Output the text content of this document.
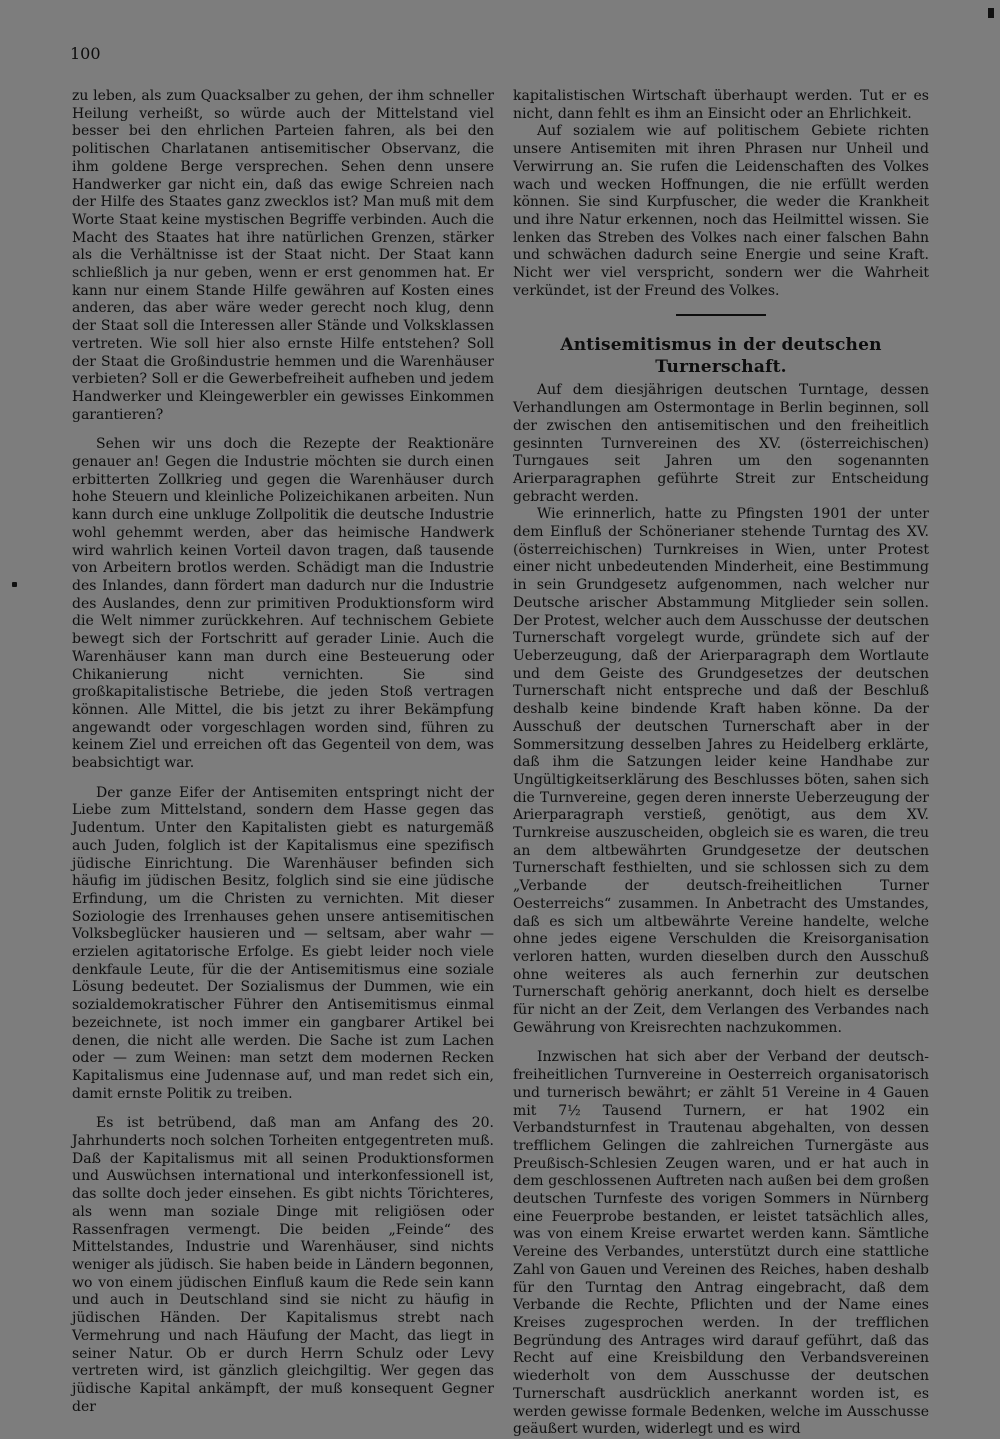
100

zu leben, als zum Quacksalber zu gehen, der ihm schneller Heilung verheißt, so würde auch der Mittelstand viel besser bei den ehrlichen Parteien fahren, als bei den politischen Charlatanen antisemitischer Observanz, die ihm goldene Berge versprechen. Sehen denn unsere Handwerker gar nicht ein, daß das ewige Schreien nach der Hilfe des Staates ganz zwecklos ist? Man muß mit dem Worte Staat keine mystischen Begriffe verbinden. Auch die Macht des Staates hat ihre natürlichen Grenzen, stärker als die Verhältnisse ist der Staat nicht. Der Staat kann schließlich ja nur geben, wenn er erst genommen hat. Er kann nur einem Stande Hilfe gewähren auf Kosten eines anderen, das aber wäre weder gerecht noch klug, denn der Staat soll die Interessen aller Stände und Volksklassen vertreten. Wie soll hier also ernste Hilfe entstehen? Soll der Staat die Großindustrie hemmen und die Warenhäuser verbieten? Soll er die Gewerbefreiheit aufheben und jedem Handwerker und Kleingewerbler ein gewisses Einkommen garantieren?

Sehen wir uns doch die Rezepte der Reaktionäre genauer an! Gegen die Industrie möchten sie durch einen erbitterten Zollkrieg und gegen die Warenhäuser durch hohe Steuern und kleinliche Polizeichikanen arbeiten. Nun kann durch eine unkluge Zollpolitik die deutsche Industrie wohl gehemmt werden, aber das heimische Handwerk wird wahrlich keinen Vorteil davon tragen, daß tausende von Arbeitern brotlos werden. Schädigt man die Industrie des Inlandes, dann fördert man dadurch nur die Industrie des Auslandes, denn zur primitiven Produktionsform wird die Welt nimmer zurückkehren. Auf technischem Gebiete bewegt sich der Fortschritt auf gerader Linie. Auch die Warenhäuser kann man durch eine Besteuerung oder Chikanierung nicht vernichten. Sie sind großkapitalistische Betriebe, die jeden Stoß vertragen können. Alle Mittel, die bis jetzt zu ihrer Bekämpfung angewandt oder vorgeschlagen worden sind, führen zu keinem Ziel und erreichen oft das Gegenteil von dem, was beabsichtigt war.

Der ganze Eifer der Antisemiten entspringt nicht der Liebe zum Mittelstand, sondern dem Hasse gegen das Judentum. Unter den Kapitalisten giebt es naturgemäß auch Juden, folglich ist der Kapitalismus eine spezifisch jüdische Einrichtung. Die Warenhäuser befinden sich häufig im jüdischen Besitz, folglich sind sie eine jüdische Erfindung, um die Christen zu vernichten. Mit dieser Soziologie des Irrenhauses gehen unsere antisemitischen Volksbeglücker hausieren und — seltsam, aber wahr — erzielen agitatorische Erfolge. Es giebt leider noch viele denkfaule Leute, für die der Antisemitismus eine soziale Lösung bedeutet. Der Sozialismus der Dummen, wie ein sozialdemokratischer Führer den Antisemitismus einmal bezeichnete, ist noch immer ein gangbarer Artikel bei denen, die nicht alle werden. Die Sache ist zum Lachen oder — zum Weinen: man setzt dem modernen Recken Kapitalismus eine Judennase auf, und man redet sich ein, damit ernste Politik zu treiben.

Es ist betrübend, daß man am Anfang des 20. Jahrhunderts noch solchen Torheiten entgegentreten muß. Daß der Kapitalismus mit all seinen Produktionsformen und Auswüchsen international und interkonfessionell ist, das sollte doch jeder einsehen. Es gibt nichts Törichteres, als wenn man soziale Dinge mit religiösen oder Rassenfragen vermengt. Die beiden „Feinde“ des Mittelstandes, Industrie und Warenhäuser, sind nichts weniger als jüdisch. Sie haben beide in Ländern begonnen, wo von einem jüdischen Einfluß kaum die Rede sein kann und auch in Deutschland sind sie nicht zu häufig in jüdischen Händen. Der Kapitalismus strebt nach Vermehrung und nach Häufung der Macht, das liegt in seiner Natur. Ob er durch Herrn Schulz oder Levy vertreten wird, ist gänzlich gleichgiltig. Wer gegen das jüdische Kapital ankämpft, der muß konsequent Gegner der

kapitalistischen Wirtschaft überhaupt werden. Tut er es nicht, dann fehlt es ihm an Einsicht oder an Ehrlichkeit.

Auf sozialem wie auf politischem Gebiete richten unsere Antisemiten mit ihren Phrasen nur Unheil und Verwirrung an. Sie rufen die Leidenschaften des Volkes wach und wecken Hoffnungen, die nie erfüllt werden können. Sie sind Kurpfuscher, die weder die Krankheit und ihre Natur erkennen, noch das Heilmittel wissen. Sie lenken das Streben des Volkes nach einer falschen Bahn und schwächen dadurch seine Energie und seine Kraft. Nicht wer viel verspricht, sondern wer die Wahrheit verkündet, ist der Freund des Volkes.

Antisemitismus in der deutschen Turnerschaft.

Auf dem diesjährigen deutschen Turntage, dessen Verhandlungen am Ostermontage in Berlin beginnen, soll der zwischen den antisemitischen und den freiheitlich gesinnten Turnvereinen des XV. (österreichischen) Turngaues seit Jahren um den sogenannten Arierparagraphen geführte Streit zur Entscheidung gebracht werden.

Wie erinnerlich, hatte zu Pfingsten 1901 der unter dem Einfluß der Schönerianer stehende Turntag des XV. (österreichischen) Turnkreises in Wien, unter Protest einer nicht unbedeutenden Minderheit, eine Bestimmung in sein Grundgesetz aufgenommen, nach welcher nur Deutsche arischer Abstammung Mitglieder sein sollen. Der Protest, welcher auch dem Ausschusse der deutschen Turnerschaft vorgelegt wurde, gründete sich auf der Ueberzeugung, daß der Arierparagraph dem Wortlaute und dem Geiste des Grundgesetzes der deutschen Turnerschaft nicht entspreche und daß der Beschluß deshalb keine bindende Kraft haben könne. Da der Ausschuß der deutschen Turnerschaft aber in der Sommersitzung desselben Jahres zu Heidelberg erklärte, daß ihm die Satzungen leider keine Handhabe zur Ungültigkeitserklärung des Beschlusses böten, sahen sich die Turnvereine, gegen deren innerste Ueberzeugung der Arierparagraph verstieß, genötigt, aus dem XV. Turnkreise auszuscheiden, obgleich sie es waren, die treu an dem altbewährten Grundgesetze der deutschen Turnerschaft festhielten, und sie schlossen sich zu dem „Verbande der deutsch-freiheitlichen Turner Oesterreichs“ zusammen. In Anbetracht des Umstandes, daß es sich um altbewährte Vereine handelte, welche ohne jedes eigene Verschulden die Kreisorganisation verloren hatten, wurden dieselben durch den Ausschuß ohne weiteres als auch fernerhin zur deutschen Turnerschaft gehörig anerkannt, doch hielt es derselbe für nicht an der Zeit, dem Verlangen des Verbandes nach Gewährung von Kreisrechten nachzukommen.

Inzwischen hat sich aber der Verband der deutsch-freiheitlichen Turnvereine in Oesterreich organisatorisch und turnerisch bewährt; er zählt 51 Vereine in 4 Gauen mit 7½ Tausend Turnern, er hat 1902 ein Verbandsturnfest in Trautenau abgehalten, von dessen trefflichem Gelingen die zahlreichen Turnergäste aus Preußisch-Schlesien Zeugen waren, und er hat auch in dem geschlossenen Auftreten nach außen bei dem großen deutschen Turnfeste des vorigen Sommers in Nürnberg eine Feuerprobe bestanden, er leistet tatsächlich alles, was von einem Kreise erwartet werden kann. Sämtliche Vereine des Verbandes, unterstützt durch eine stattliche Zahl von Gauen und Vereinen des Reiches, haben deshalb für den Turntag den Antrag eingebracht, daß dem Verbande die Rechte, Pflichten und der Name eines Kreises zugesprochen werden. In der trefflichen Begründung des Antrages wird darauf geführt, daß das Recht auf eine Kreisbildung den Verbandsvereinen wiederholt von dem Ausschusse der deutschen Turnerschaft ausdrücklich anerkannt worden ist, es werden gewisse formale Bedenken, welche im Ausschusse geäußert wurden, widerlegt und es wird
